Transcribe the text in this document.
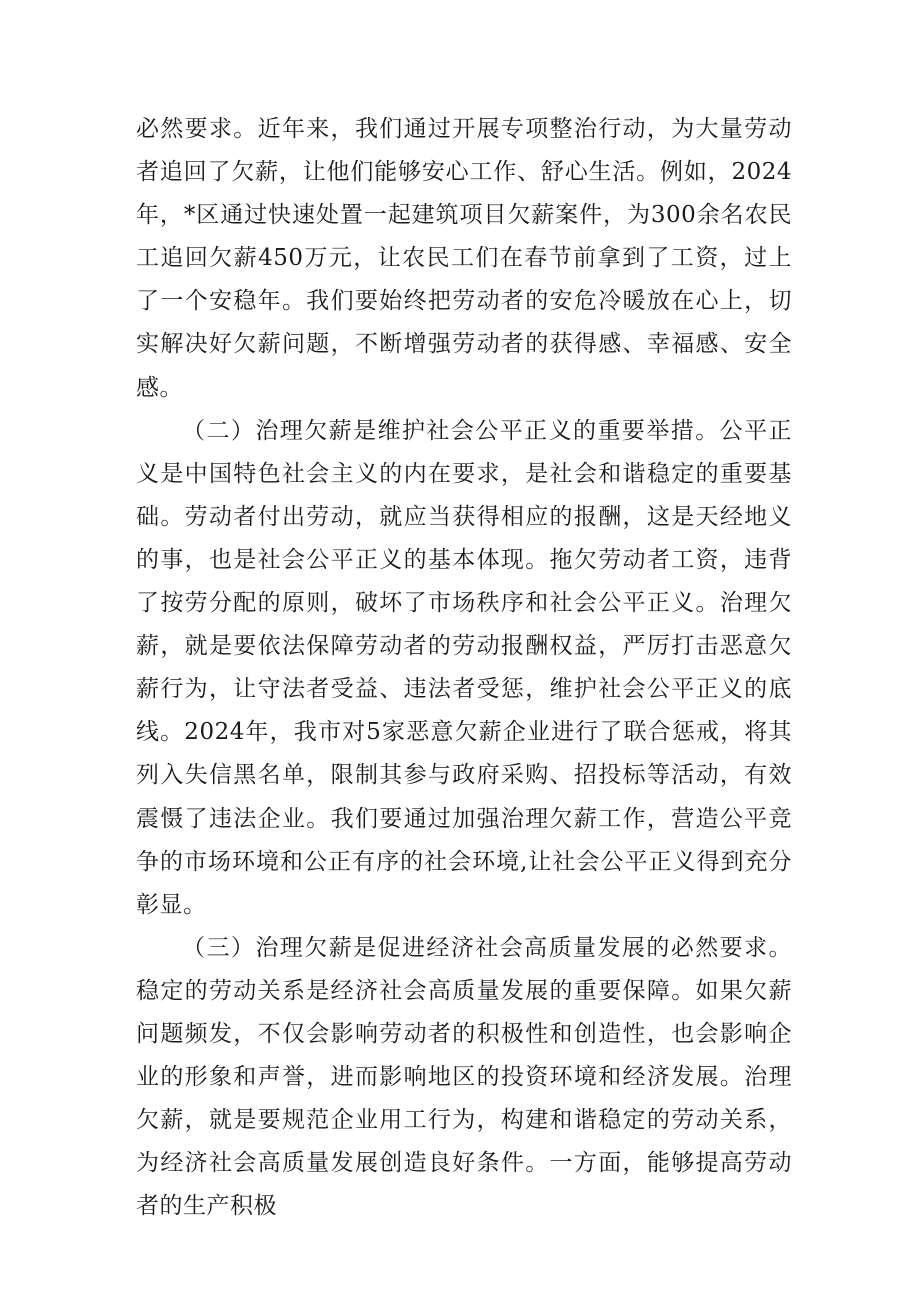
必然要求。近年来，我们通过开展专项整治行动，为大量劳动者追回了欠薪，让他们能够安心工作、舒心生活。例如，2024年，*区通过快速处置一起建筑项目欠薪案件，为300余名农民工追回欠薪450万元，让农民工们在春节前拿到了工资，过上了一个安稳年。我们要始终把劳动者的安危冷暖放在心上，切实解决好欠薪问题，不断增强劳动者的获得感、幸福感、安全感。

（二）治理欠薪是维护社会公平正义的重要举措。公平正义是中国特色社会主义的内在要求，是社会和谐稳定的重要基础。劳动者付出劳动，就应当获得相应的报酬，这是天经地义的事，也是社会公平正义的基本体现。拖欠劳动者工资，违背了按劳分配的原则，破坏了市场秩序和社会公平正义。治理欠薪，就是要依法保障劳动者的劳动报酬权益，严厉打击恶意欠薪行为，让守法者受益、违法者受惩，维护社会公平正义的底线。2024年，我市对5家恶意欠薪企业进行了联合惩戒，将其列入失信黑名单，限制其参与政府采购、招投标等活动，有效震慑了违法企业。我们要通过加强治理欠薪工作，营造公平竞争的市场环境和公正有序的社会环境,让社会公平正义得到充分彰显。

（三）治理欠薪是促进经济社会高质量发展的必然要求。稳定的劳动关系是经济社会高质量发展的重要保障。如果欠薪问题频发，不仅会影响劳动者的积极性和创造性，也会影响企业的形象和声誉，进而影响地区的投资环境和经济发展。治理欠薪，就是要规范企业用工行为，构建和谐稳定的劳动关系，为经济社会高质量发展创造良好条件。一方面，能够提高劳动者的生产积极
